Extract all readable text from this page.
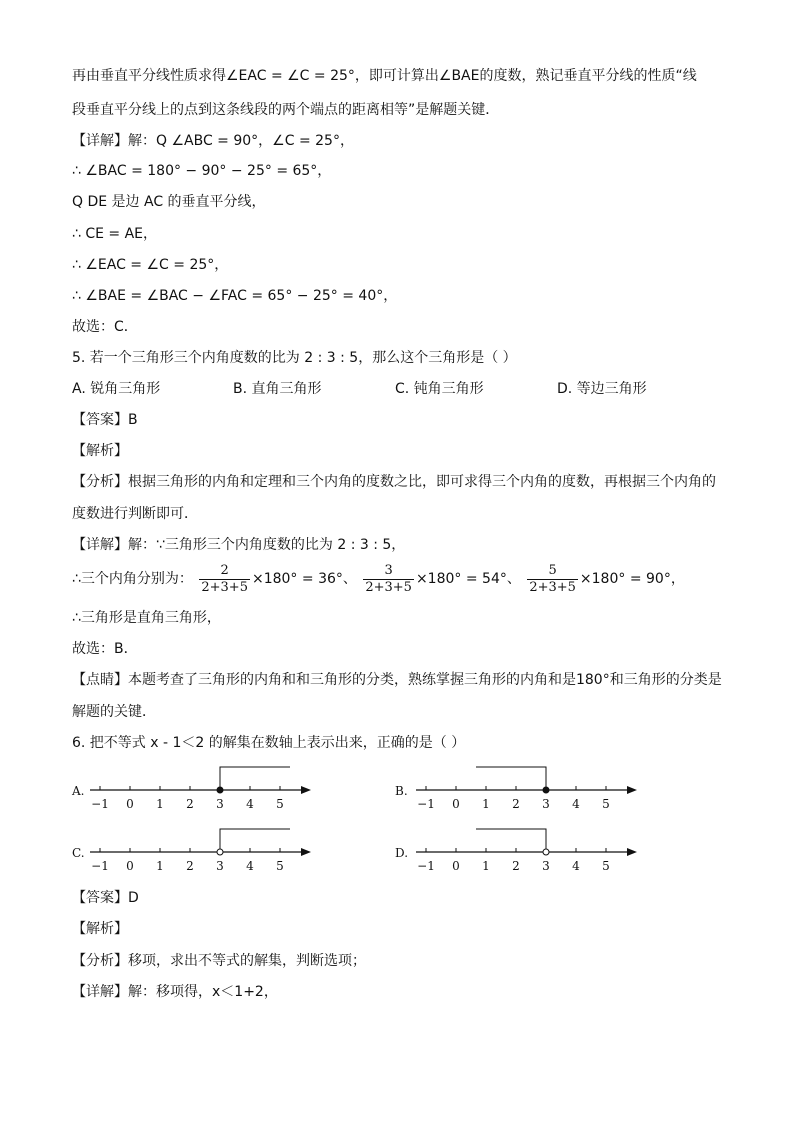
再由垂直平分线性质求得∠EAC = ∠C = 25°，即可计算出∠BAE的度数，熟记垂直平分线的性质“线
段垂直平分线上的点到这条线段的两个端点的距离相等”是解题关键．
【详解】解：Q ∠ABC = 90°，∠C = 25°，
∴ ∠BAC = 180° − 90° − 25° = 65°，
Q DE 是边 AC 的垂直平分线，
∴ CE = AE，
∴ ∠EAC = ∠C = 25°，
∴ ∠BAE = ∠BAC − ∠FAC = 65° − 25° = 40°，
故选：C．
5. 若一个三角形三个内角度数的比为 2 : 3 : 5，那么这个三角形是（ ）
A. 锐角三角形	B. 直角三角形	C. 钝角三角形	D. 等边三角形
【答案】B
【解析】
【分析】根据三角形的内角和定理和三个内角的度数之比，即可求得三个内角的度数，再根据三个内角的
度数进行判断即可．
【详解】解：∵三角形三个内角度数的比为 2 : 3 : 5，
∴三个内角分别为： $\frac{2}{2+3+5} \times 180^\circ = 36^\circ$、 $\frac{3}{2+3+5} \times 180^\circ = 54^\circ$、 $\frac{5}{2+3+5} \times 180^\circ = 90^\circ$，
∴三角形是直角三角形，
故选：B．
【点睛】本题考查了三角形的内角和和三角形的分类，熟练掌握三角形的内角和是180°和三角形的分类是
解题的关键．
6. 把不等式 x - 1＜2 的解集在数轴上表示出来，正确的是（ ）
A.
−1 0 1 2 3 4 5
B.
−1 0 1 2 3 4 5
C.
−1 0 1 2 3 4 5
D.
−1 0 1 2 3 4 5
【答案】D
【解析】
【分析】移项，求出不等式的解集，判断选项；
【详解】解：移项得，x＜1+2，
